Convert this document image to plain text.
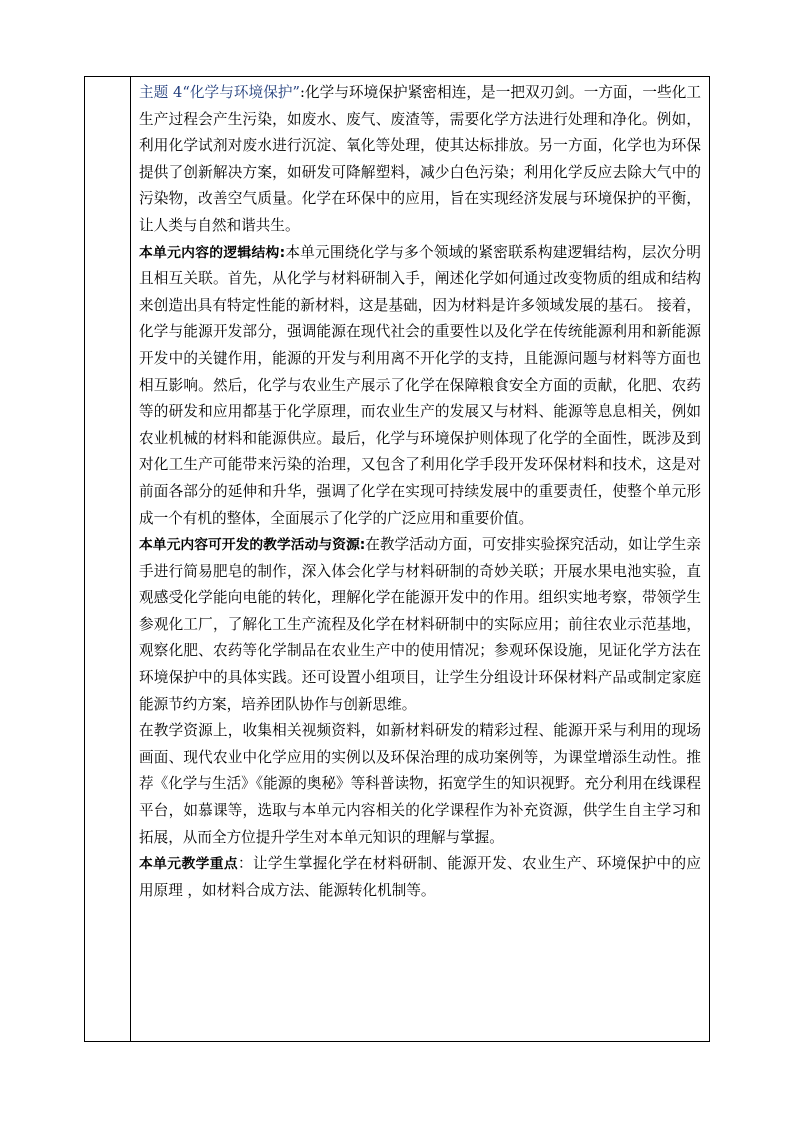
主题 4“化学与环境保护”:化学与环境保护紧密相连，是一把双刃剑。一方面，一些化工生产过程会产生污染，如废水、废气、废渣等，需要化学方法进行处理和净化。例如，利用化学试剂对废水进行沉淀、氧化等处理，使其达标排放。另一方面，化学也为环保提供了创新解决方案，如研发可降解塑料，减少白色污染；利用化学反应去除大气中的污染物，改善空气质量。化学在环保中的应用，旨在实现经济发展与环境保护的平衡，让人类与自然和谐共生。

本单元内容的逻辑结构:本单元围绕化学与多个领域的紧密联系构建逻辑结构，层次分明且相互关联。首先，从化学与材料研制入手，阐述化学如何通过改变物质的组成和结构来创造出具有特定性能的新材料，这是基础，因为材料是许多领域发展的基石。 接着，化学与能源开发部分，强调能源在现代社会的重要性以及化学在传统能源利用和新能源开发中的关键作用，能源的开发与利用离不开化学的支持，且能源问题与材料等方面也相互影响。然后，化学与农业生产展示了化学在保障粮食安全方面的贡献，化肥、农药等的研发和应用都基于化学原理，而农业生产的发展又与材料、能源等息息相关，例如农业机械的材料和能源供应。最后，化学与环境保护则体现了化学的全面性，既涉及到对化工生产可能带来污染的治理，又包含了利用化学手段开发环保材料和技术，这是对前面各部分的延伸和升华，强调了化学在实现可持续发展中的重要责任，使整个单元形成一个有机的整体，全面展示了化学的广泛应用和重要价值。

本单元内容可开发的教学活动与资源:在教学活动方面，可安排实验探究活动，如让学生亲手进行简易肥皂的制作，深入体会化学与材料研制的奇妙关联；开展水果电池实验，直观感受化学能向电能的转化，理解化学在能源开发中的作用。组织实地考察，带领学生参观化工厂，了解化工生产流程及化学在材料研制中的实际应用；前往农业示范基地，观察化肥、农药等化学制品在农业生产中的使用情况；参观环保设施，见证化学方法在环境保护中的具体实践。还可设置小组项目，让学生分组设计环保材料产品或制定家庭能源节约方案，培养团队协作与创新思维。

在教学资源上，收集相关视频资料，如新材料研发的精彩过程、能源开采与利用的现场画面、现代农业中化学应用的实例以及环保治理的成功案例等，为课堂增添生动性。推荐《化学与生活》《能源的奥秘》等科普读物，拓宽学生的知识视野。充分利用在线课程平台，如慕课等，选取与本单元内容相关的化学课程作为补充资源，供学生自主学习和拓展，从而全方位提升学生对本单元知识的理解与掌握。

本单元教学重点：让学生掌握化学在材料研制、能源开发、农业生产、环境保护中的应用原理 ，如材料合成方法、能源转化机制等。
